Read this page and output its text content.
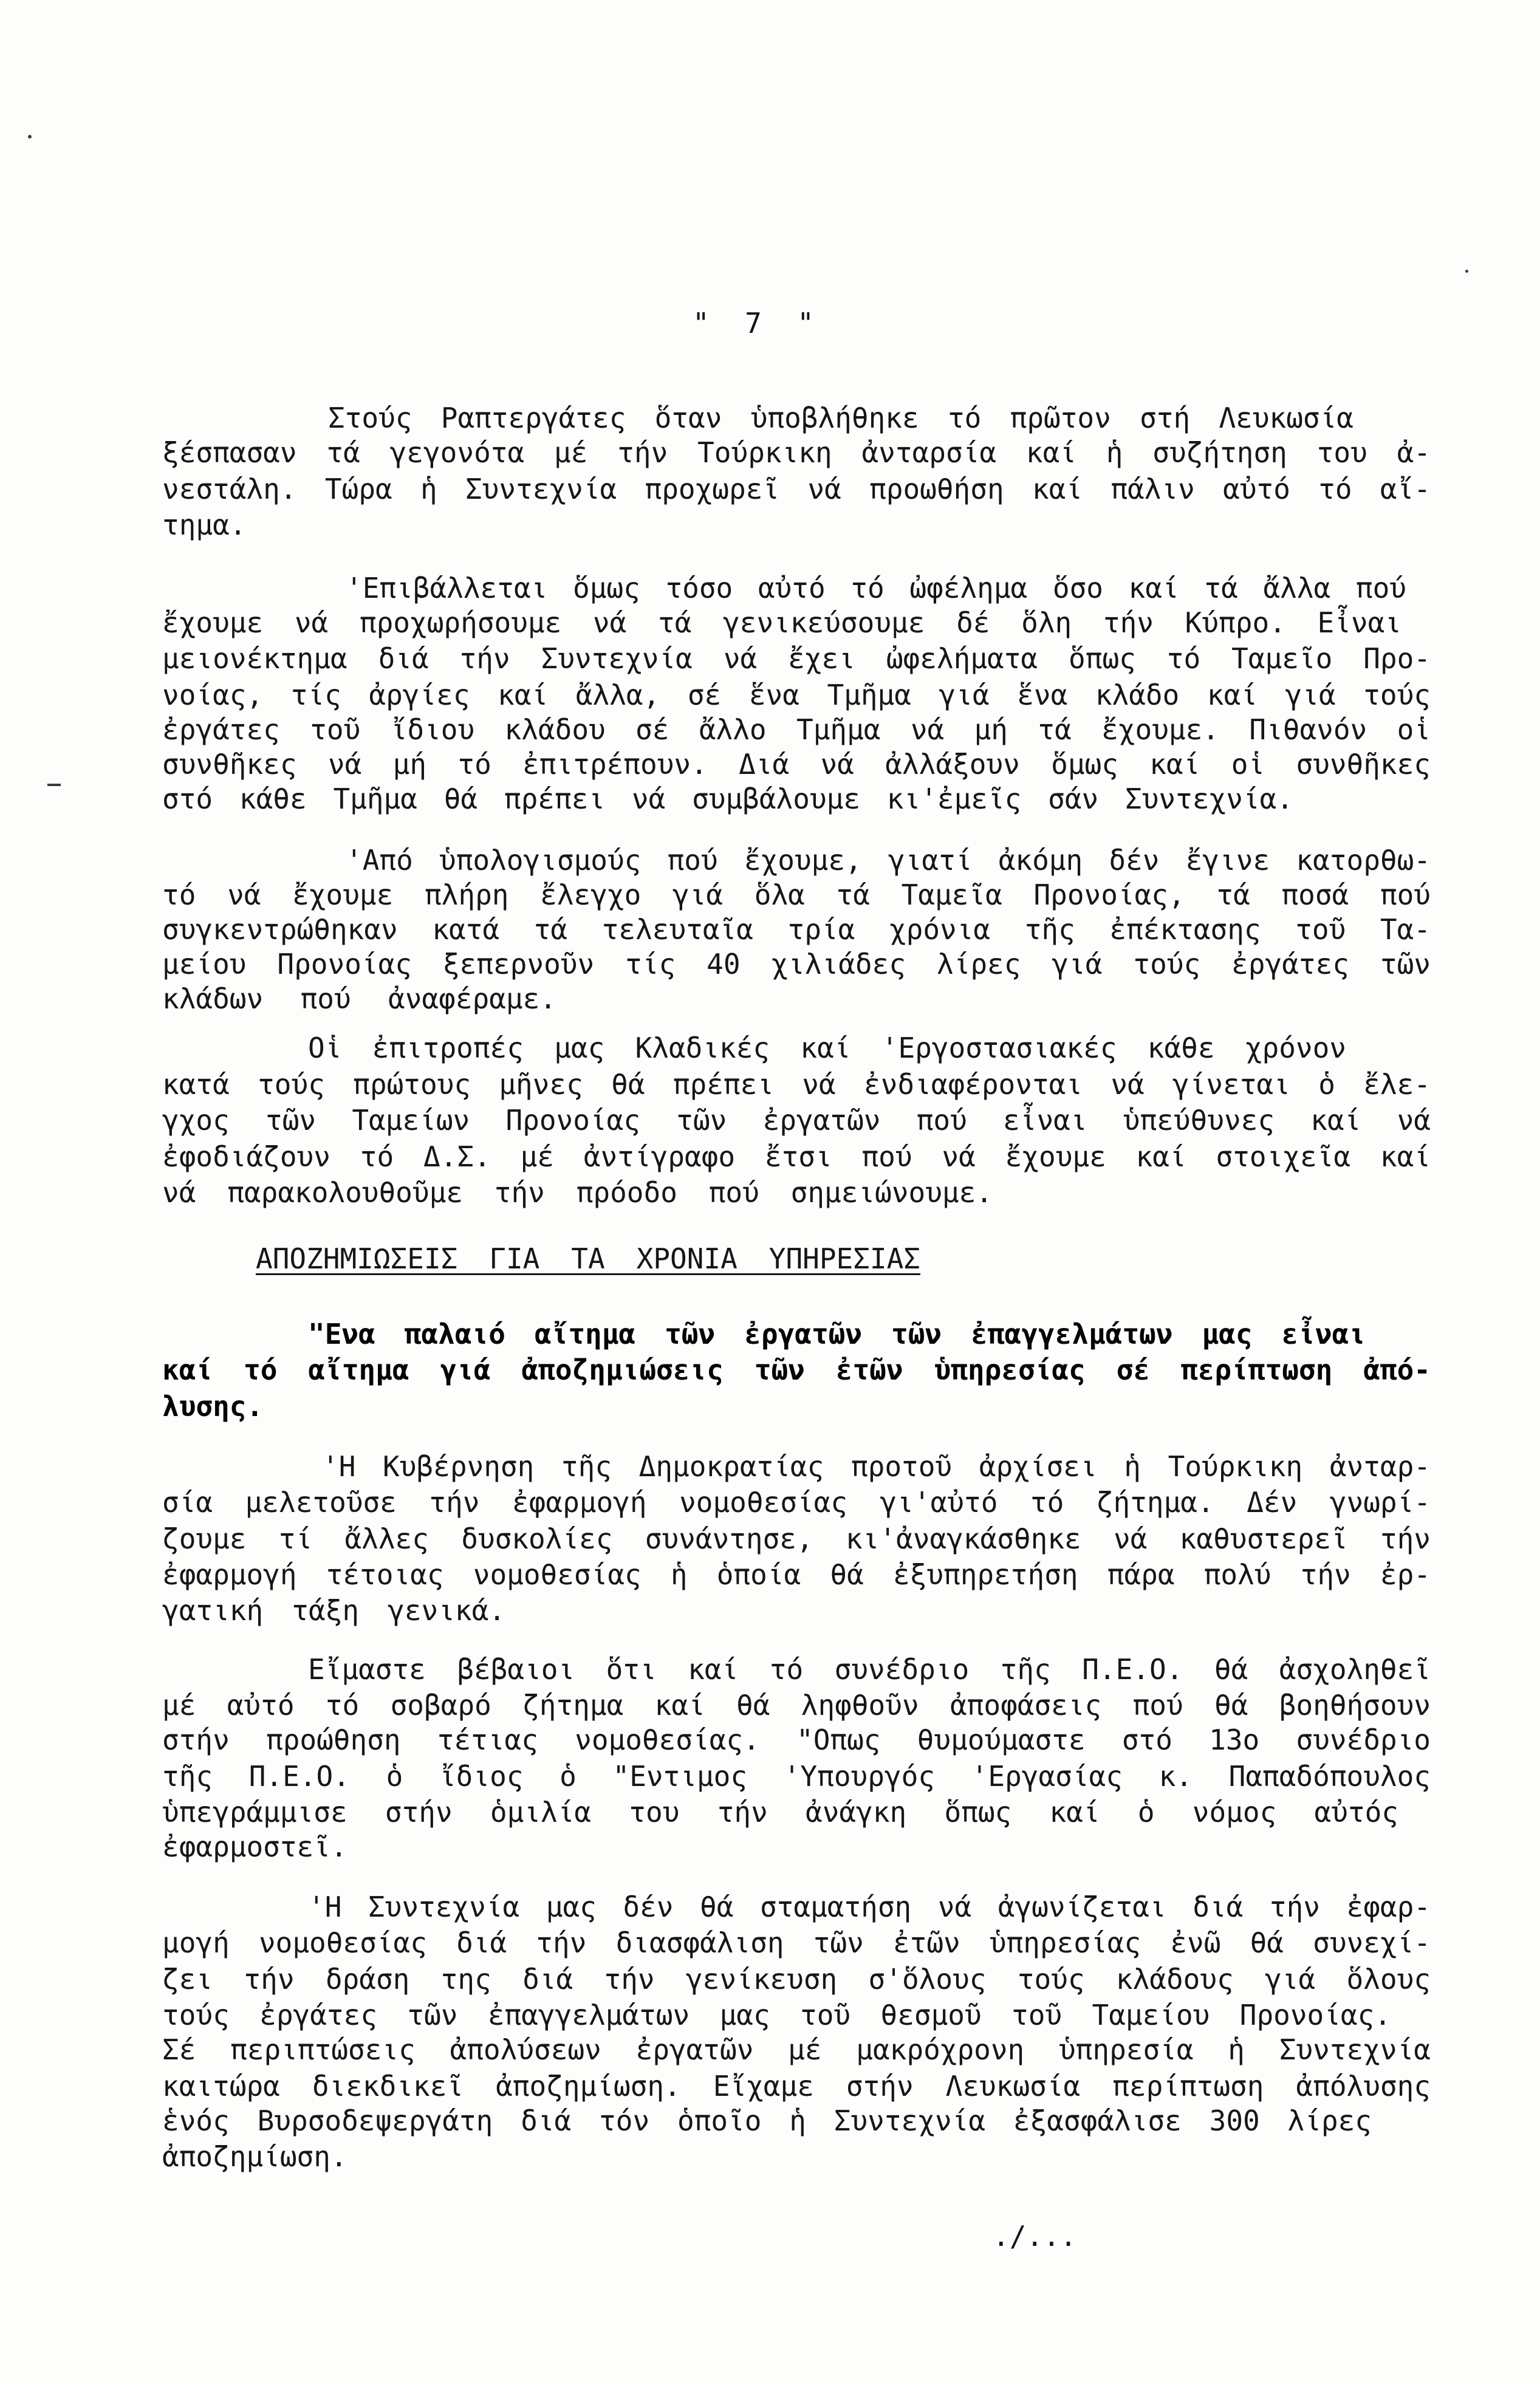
" 7 "
Στούς Ραπτεργάτες ὅταν ὑποβλήθηκε τό πρῶτον στή Λευκωσία
ξέσπασαν τά γεγονότα μέ τήν Τούρκικη ἀνταρσία καί ἡ συζήτηση του ἀ-
νεστάλη. Τώρα ἡ Συντεχνία προχωρεῖ νά προωθήση καί πάλιν αὐτό τό αἴ-
τημα.
'Επιβάλλεται ὅμως τόσο αὐτό τό ὠφέλημα ὅσο καί τά ἄλλα πού
ἔχουμε νά προχωρήσουμε νά τά γενικεύσουμε δέ ὅλη τήν Κύπρο. Εἶναι
μειονέκτημα διά τήν Συντεχνία νά ἔχει ὠφελήματα ὅπως τό Ταμεῖο Προ-
νοίας, τίς ἀργίες καί ἄλλα, σέ ἕνα Τμῆμα γιά ἕνα κλάδο καί γιά τούς
ἐργάτες τοῦ ἴδιου κλάδου σέ ἄλλο Τμῆμα νά μή τά ἔχουμε. Πιθανόν οἱ
συνθῆκες νά μή τό ἐπιτρέπουν. Διά νά ἀλλάξουν ὅμως καί οἱ συνθῆκες
στό κάθε Τμῆμα θά πρέπει νά συμβάλουμε κι'ἐμεῖς σάν Συντεχνία.
'Από ὑπολογισμούς πού ἔχουμε, γιατί ἀκόμη δέν ἔγινε κατορθω-
τό νά ἔχουμε πλήρη ἔλεγχο γιά ὅλα τά Ταμεῖα Προνοίας, τά ποσά πού
συγκεντρώθηκαν κατά τά τελευταῖα τρία χρόνια τῆς ἐπέκτασης τοῦ Τα-
μείου Προνοίας ξεπερνοῦν τίς 40 χιλιάδες λίρες γιά τούς ἐργάτες τῶν
κλάδων πού ἀναφέραμε.
Οἱ ἐπιτροπές μας Κλαδικές καί 'Εργοστασιακές κάθε χρόνον
κατά τούς πρώτους μῆνες θά πρέπει νά ἐνδιαφέρονται νά γίνεται ὁ ἔλε-
γχος τῶν Ταμείων Προνοίας τῶν ἐργατῶν πού εἶναι ὑπεύθυνες καί νά
ἐφοδιάζουν τό Δ.Σ. μέ ἀντίγραφο ἔτσι πού νά ἔχουμε καί στοιχεῖα καί
νά παρακολουθοῦμε τήν πρόοδο πού σημειώνουμε.
ΑΠΟΖΗΜΙΩΣΕΙΣ ΓΙΑ ΤΑ ΧΡΟΝΙΑ ΥΠΗΡΕΣΙΑΣ
"Ενα παλαιό αἴτημα τῶν ἐργατῶν τῶν ἐπαγγελμάτων μας εἶναι
καί τό αἴτημα γιά ἀποζημιώσεις τῶν ἐτῶν ὑπηρεσίας σέ περίπτωση ἀπό-
λυσης.
'Η Κυβέρνηση τῆς Δημοκρατίας προτοῦ ἀρχίσει ἡ Τούρκικη ἀνταρ-
σία μελετοῦσε τήν ἐφαρμογή νομοθεσίας γι'αὐτό τό ζήτημα. Δέν γνωρί-
ζουμε τί ἄλλες δυσκολίες συνάντησε, κι'ἀναγκάσθηκε νά καθυστερεῖ τήν
ἐφαρμογή τέτοιας νομοθεσίας ἡ ὁποία θά ἐξυπηρετήση πάρα πολύ τήν ἐρ-
γατική τάξη γενικά.
Εἴμαστε βέβαιοι ὅτι καί τό συνέδριο τῆς Π.Ε.Ο. θά ἀσχοληθεῖ
μέ αὐτό τό σοβαρό ζήτημα καί θά ληφθοῦν ἀποφάσεις πού θά βοηθήσουν
στήν προώθηση τέτιας νομοθεσίας. "Οπως θυμούμαστε στό 13ο συνέδριο
τῆς Π.Ε.Ο. ὁ ἴδιος ὁ "Εντιμος 'Υπουργός 'Εργασίας κ. Παπαδόπουλος
ὑπεγράμμισε στήν ὁμιλία του τήν ἀνάγκη ὅπως καί ὁ νόμος αὐτός
ἐφαρμοστεῖ.
'Η Συντεχνία μας δέν θά σταματήση νά ἀγωνίζεται διά τήν ἐφαρ-
μογή νομοθεσίας διά τήν διασφάλιση τῶν ἐτῶν ὑπηρεσίας ἐνῶ θά συνεχί-
ζει τήν δράση της διά τήν γενίκευση σ'ὅλους τούς κλάδους γιά ὅλους
τούς ἐργάτες τῶν ἐπαγγελμάτων μας τοῦ θεσμοῦ τοῦ Ταμείου Προνοίας.
Σέ περιπτώσεις ἀπολύσεων ἐργατῶν μέ μακρόχρονη ὑπηρεσία ἡ Συντεχνία
καιτώρα διεκδικεῖ ἀποζημίωση. Εἴχαμε στήν Λευκωσία περίπτωση ἀπόλυσης
ἑνός Βυρσοδεψεργάτη διά τόν ὁποῖο ἡ Συντεχνία ἐξασφάλισε 300 λίρες
ἀποζημίωση.
./...
